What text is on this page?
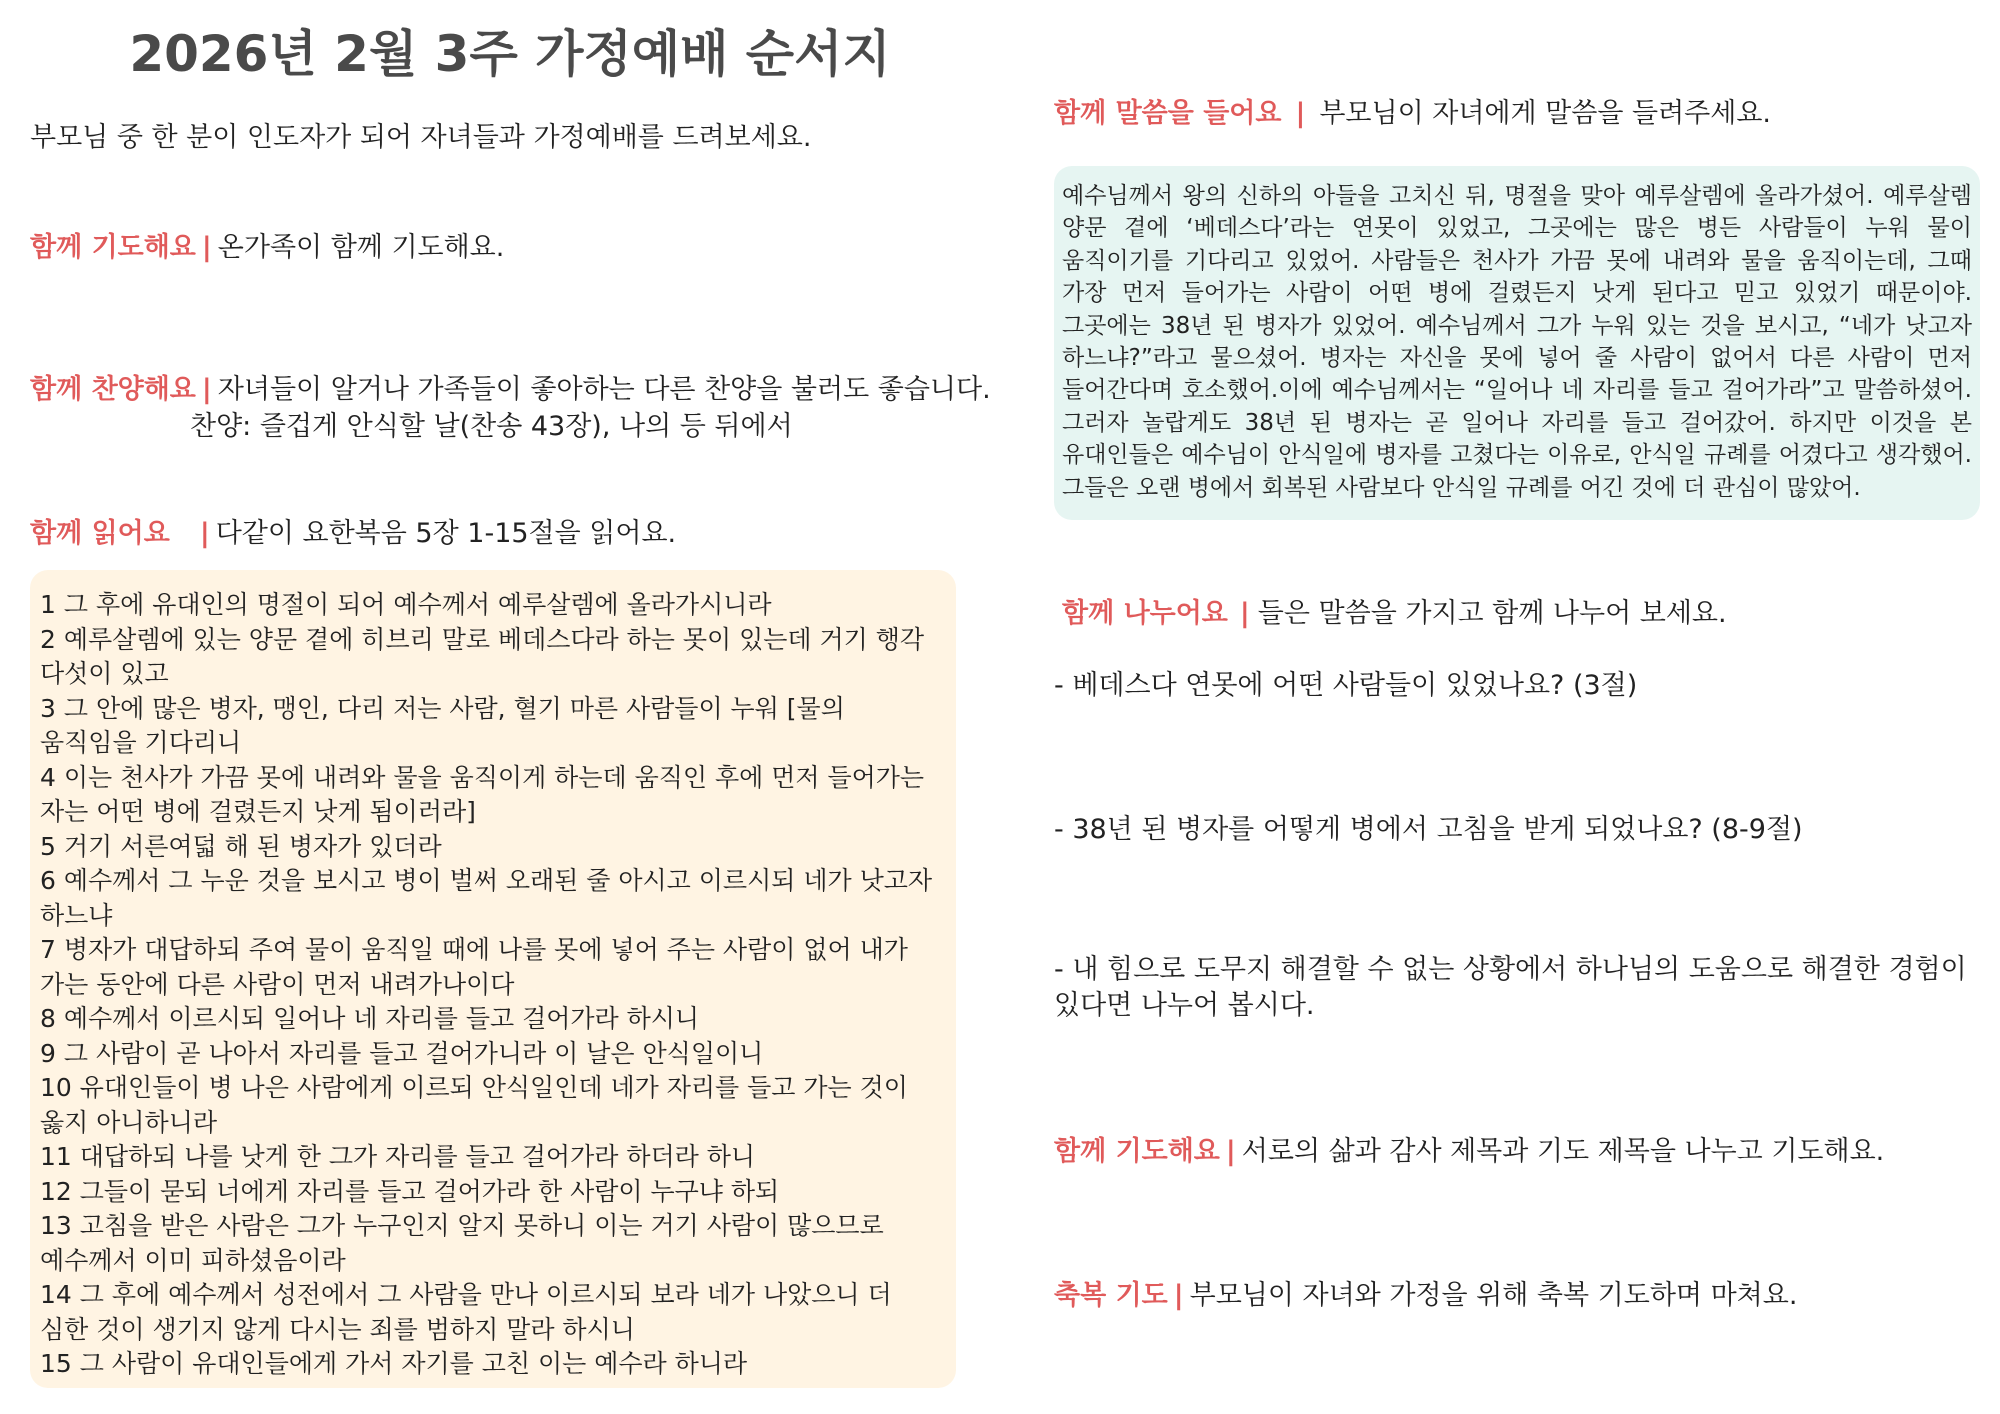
2026년 2월 3주 가정예배 순서지
부모님 중 한 분이 인도자가 되어 자녀들과 가정예배를 드려보세요.
함께 기도해요 | 온가족이 함께 기도해요.
함께 찬양해요 | 자녀들이 알거나 가족들이 좋아하는 다른 찬양을 불러도 좋습니다.
찬양: 즐겁게 안식할 날(찬송 43장), 나의 등 뒤에서
함께 읽어요 | 다같이 요한복음 5장 1-15절을 읽어요.
1 그 후에 유대인의 명절이 되어 예수께서 예루살렘에 올라가시니라
2 예루살렘에 있는 양문 곁에 히브리 말로 베데스다라 하는 못이 있는데 거기 행각 다섯이 있고
3 그 안에 많은 병자, 맹인, 다리 저는 사람, 혈기 마른 사람들이 누워 [물의 움직임을 기다리니
4 이는 천사가 가끔 못에 내려와 물을 움직이게 하는데 움직인 후에 먼저 들어가는 자는 어떤 병에 걸렸든지 낫게 됨이러라]
5 거기 서른여덟 해 된 병자가 있더라
6 예수께서 그 누운 것을 보시고 병이 벌써 오래된 줄 아시고 이르시되 네가 낫고자 하느냐
7 병자가 대답하되 주여 물이 움직일 때에 나를 못에 넣어 주는 사람이 없어 내가 가는 동안에 다른 사람이 먼저 내려가나이다
8 예수께서 이르시되 일어나 네 자리를 들고 걸어가라 하시니
9 그 사람이 곧 나아서 자리를 들고 걸어가니라 이 날은 안식일이니
10 유대인들이 병 나은 사람에게 이르되 안식일인데 네가 자리를 들고 가는 것이 옳지 아니하니라
11 대답하되 나를 낫게 한 그가 자리를 들고 걸어가라 하더라 하니
12 그들이 묻되 너에게 자리를 들고 걸어가라 한 사람이 누구냐 하되
13 고침을 받은 사람은 그가 누구인지 알지 못하니 이는 거기 사람이 많으므로 예수께서 이미 피하셨음이라
14 그 후에 예수께서 성전에서 그 사람을 만나 이르시되 보라 네가 나았으니 더 심한 것이 생기지 않게 다시는 죄를 범하지 말라 하시니
15 그 사람이 유대인들에게 가서 자기를 고친 이는 예수라 하니라
함께 말씀을 들어요 | 부모님이 자녀에게 말씀을 들려주세요.

예수님께서 왕의 신하의 아들을 고치신 뒤, 명절을 맞아 예루살렘에 올라가셨어. 예루살렘 양문 곁에 ‘베데스다’라는 연못이 있었고, 그곳에는 많은 병든 사람들이 누워 물이 움직이기를 기다리고 있었어. 사람들은 천사가 가끔 못에 내려와 물을 움직이는데, 그때 가장 먼저 들어가는 사람이 어떤 병에 걸렸든지 낫게 된다고 믿고 있었기 때문이야. 그곳에는 38년 된 병자가 있었어. 예수님께서 그가 누워 있는 것을 보시고, “네가 낫고자 하느냐?”라고 물으셨어. 병자는 자신을 못에 넣어 줄 사람이 없어서 다른 사람이 먼저 들어간다며 호소했어.이에 예수님께서는 “일어나 네 자리를 들고 걸어가라”고 말씀하셨어. 그러자 놀랍게도 38년 된 병자는 곧 일어나 자리를 들고 걸어갔어. 하지만 이것을 본 유대인들은 예수님이 안식일에 병자를 고쳤다는 이유로, 안식일 규례를 어겼다고 생각했어. 그들은 오랜 병에서 회복된 사람보다 안식일 규례를 어긴 것에 더 관심이 많았어.

함께 나누어요 | 들은 말씀을 가지고 함께 나누어 보세요.
- 베데스다 연못에 어떤 사람들이 있었나요? (3절)
- 38년 된 병자를 어떻게 병에서 고침을 받게 되었나요? (8-9절)
- 내 힘으로 도무지 해결할 수 없는 상황에서 하나님의 도움으로 해결한 경험이 있다면 나누어 봅시다.
함께 기도해요 | 서로의 삶과 감사 제목과 기도 제목을 나누고 기도해요.
축복 기도 | 부모님이 자녀와 가정을 위해 축복 기도하며 마쳐요.
